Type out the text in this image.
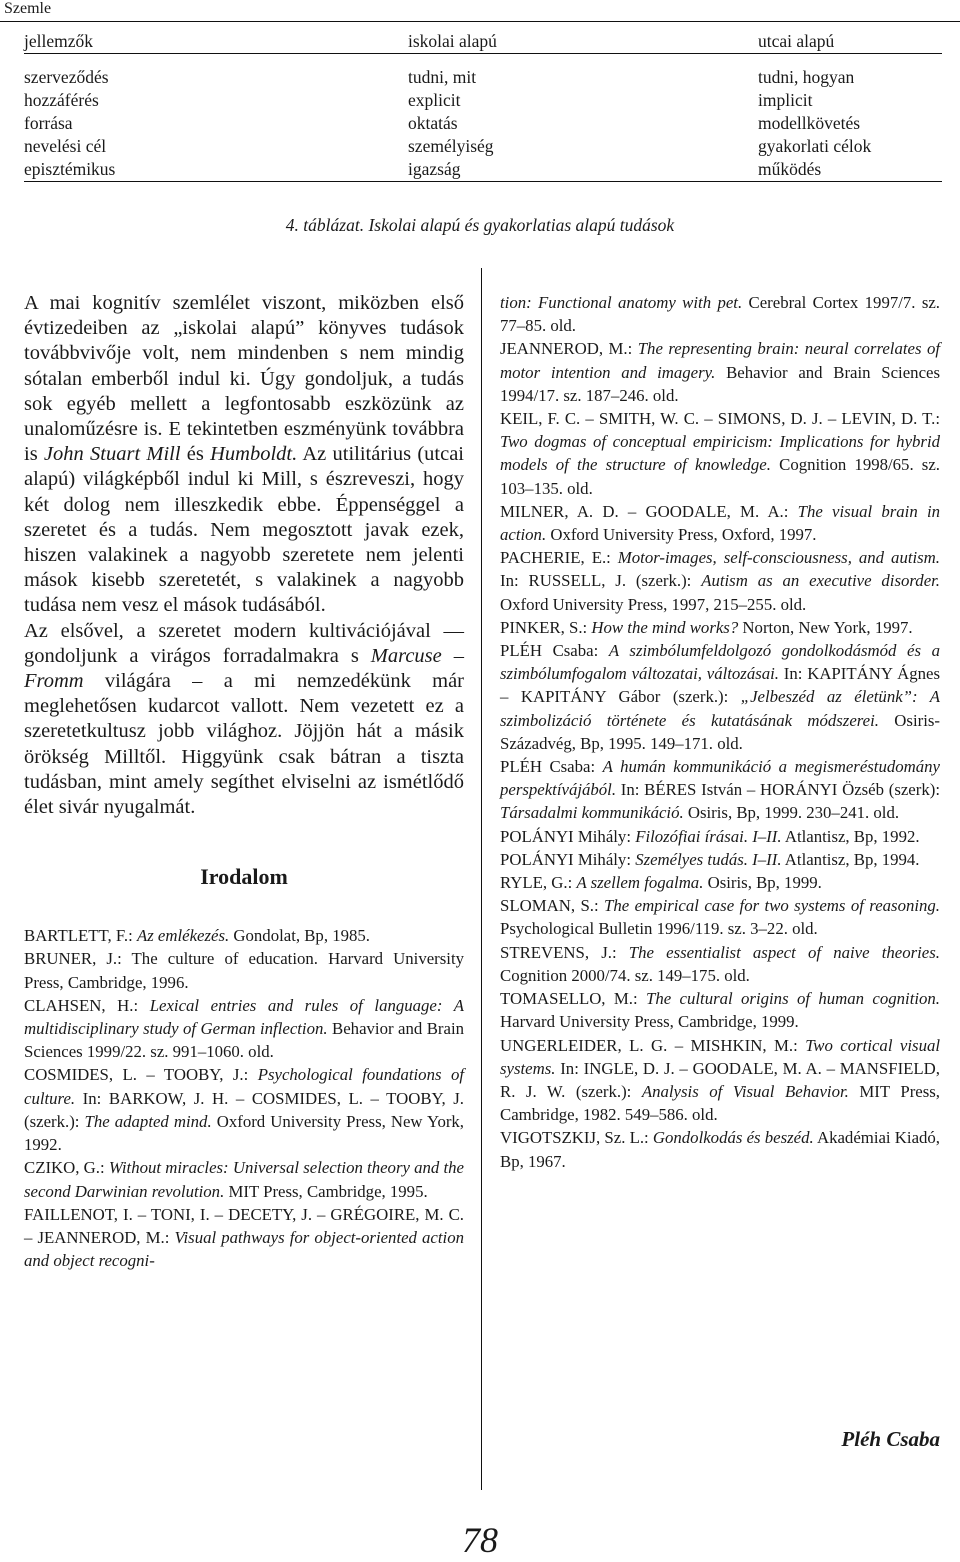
Szemle
jellemzők	iskolai alapú	utcai alapú

szerveződés	tudni, mit	tudni, hogyan
hozzáférés	explicit	implicit
forrása	oktatás	modellkövetés
nevelési cél	személyiség	gyakorlati célok
episztémikus	igazság	működés
4. táblázat. Iskolai alapú és gyakorlatias alapú tudások

A mai kognitív szemlélet viszont, miközben első évtizedeiben az „iskolai alapú” könyves tudások továbbvivője volt, nem mindenben s nem mindig sótalan emberből indul ki. Úgy gondoljuk, a tudás sok egyéb mellett a legfontosabb eszközünk az unaloműzésre is. E tekintetben eszményünk továbbra is John Stuart Mill és Humboldt. Az utilitárius (utcai alapú) világképből indul ki Mill, s észreveszi, hogy két dolog nem illeszkedik ebbe. Éppenséggel a szeretet és a tudás. Nem megosztott javak ezek, hiszen valakinek a nagyobb szeretete nem jelenti mások kisebb szeretetét, s valakinek a nagyobb tudása nem vesz el mások tudásából.

Az elsővel, a szeretet modern kultivációjával — gondoljunk a virágos forradalmakra s Marcuse – Fromm világára – a mi nemzedékünk már meglehetősen kudarcot vallott. Nem vezetett ez a szeretetkultusz jobb világhoz. Jöjjön hát a másik örökség Milltől. Higgyünk csak bátran a tiszta tudásban, mint amely segíthet elviselni az ismétlődő élet sivár nyugalmát.

Irodalom

BARTLETT, F.: Az emlékezés. Gondolat, Bp, 1985.

BRUNER, J.: The culture of education. Harvard University Press, Cambridge, 1996.

CLAHSEN, H.: Lexical entries and rules of language: A multidisciplinary study of German inflection. Behavior and Brain Sciences 1999/22. sz. 991–1060. old.

COSMIDES, L. – TOOBY, J.: Psychological foundations of culture. In: BARKOW, J. H. – COSMIDES, L. – TOOBY, J. (szerk.): The adapted mind. Oxford University Press, New York, 1992.

CZIKO, G.: Without miracles: Universal selection theory and the second Darwinian revolution. MIT Press, Cambridge, 1995.

FAILLENOT, I. – TONI, I. – DECETY, J. – GRÉGOIRE, M. C. – JEANNEROD, M.: Visual pathways for object-oriented action and object recogni-

tion: Functional anatomy with pet. Cerebral Cortex 1997/7. sz. 77–85. old.

JEANNEROD, M.: The representing brain: neural correlates of motor intention and imagery. Behavior and Brain Sciences 1994/17. sz. 187–246. old.

KEIL, F. C. – SMITH, W. C. – SIMONS, D. J. – LEVIN, D. T.: Two dogmas of conceptual empiricism: Implications for hybrid models of the structure of knowledge. Cognition 1998/65. sz. 103–135. old.

MILNER, A. D. – GOODALE, M. A.: The visual brain in action. Oxford University Press, Oxford, 1997.

PACHERIE, E.: Motor-images, self-consciousness, and autism. In: RUSSELL, J. (szerk.): Autism as an executive disorder. Oxford University Press, 1997, 215–255. old.

PINKER, S.: How the mind works? Norton, New York, 1997.

PLÉH Csaba: A szimbólumfeldolgozó gondolkodásmód és a szimbólumfogalom változatai, változásai. In: KAPITÁNY Ágnes – KAPITÁNY Gábor (szerk.): „Jelbeszéd az életünk”: A szimbolizáció története és kutatásának módszerei. Osiris-Századvég, Bp, 1995. 149–171. old.

PLÉH Csaba: A humán kommunikáció a megismeréstudomány perspektívájából. In: BÉRES István – HORÁNYI Özséb (szerk): Társadalmi kommunikáció. Osiris, Bp, 1999. 230–241. old.

POLÁNYI Mihály: Filozófiai írásai. I–II. Atlantisz, Bp, 1992.

POLÁNYI Mihály: Személyes tudás. I–II. Atlantisz, Bp, 1994.

RYLE, G.: A szellem fogalma. Osiris, Bp, 1999.

SLOMAN, S.: The empirical case for two systems of reasoning. Psychological Bulletin 1996/119. sz. 3–22. old.

STREVENS, J.: The essentialist aspect of naive theories. Cognition 2000/74. sz. 149–175. old.

TOMASELLO, M.: The cultural origins of human cognition. Harvard University Press, Cambridge, 1999.

UNGERLEIDER, L. G. – MISHKIN, M.: Two cortical visual systems. In: INGLE, D. J. – GOODALE, M. A. – MANSFIELD, R. J. W. (szerk.): Analysis of Visual Behavior. MIT Press, Cambridge, 1982. 549–586. old.

VIGOTSZKIJ, Sz. L.: Gondolkodás és beszéd. Akadémiai Kiadó, Bp, 1967.

Pléh Csaba
78
